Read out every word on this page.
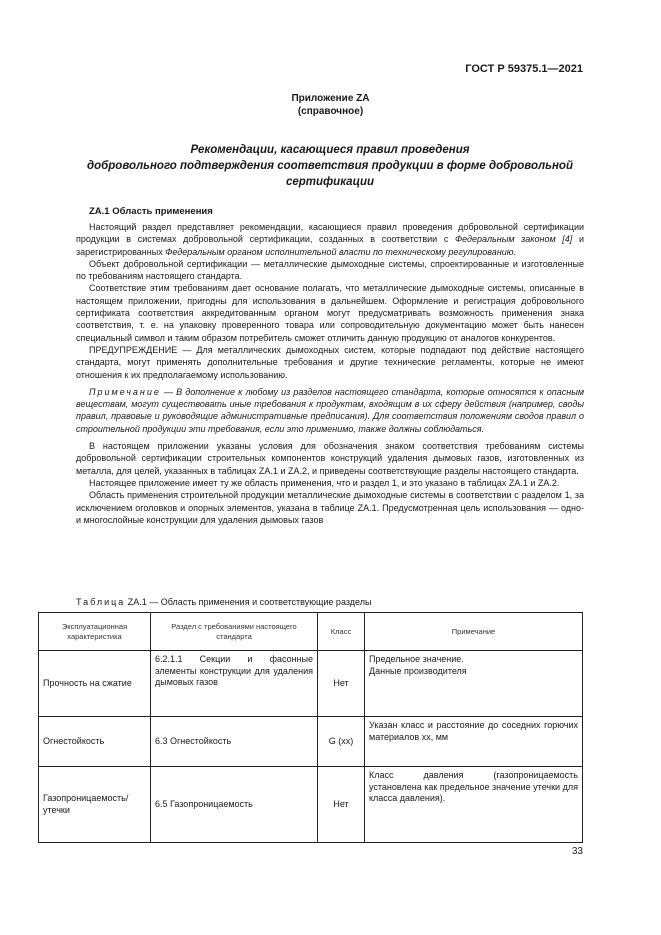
ГОСТ Р 59375.1—2021
Приложение ZA
(справочное)
Рекомендации, касающиеся правил проведения
добровольного подтверждения соответствия продукции в форме добровольной
сертификации
ZA.1 Область применения

Настоящий раздел представляет рекомендации, касающиеся правил проведения добровольной сертификации продукции в системах добровольной сертификации, созданных в соответствии с Федеральным законом [4] и зарегистрированных Федеральным органом исполнительной власти по техническому регулированию.

Объект добровольной сертификации — металлические дымоходные системы, спроектированные и изготовленные по требованиям настоящего стандарта.

Соответствие этим требованиям дает основание полагать, что металлические дымоходные системы, описанные в настоящем приложении, пригодны для использования в дальнейшем. Оформление и регистрация добровольного сертификата соответствия аккредитованным органом могут предусматривать возможность применения знака соответствия, т. е. на упаковку проверенного товара или сопроводительную документацию может быть нанесен специальный символ и таким образом потребитель сможет отличить данную продукцию от аналогов конкурентов.

ПРЕДУПРЕЖДЕНИЕ — Для металлических дымоходных систем, которые подпадают под действие настоящего стандарта, могут применять дополнительные требования и другие технические регламенты, которые не имеют отношения к их предполагаемому использованию.

Примечание — В дополнение к любому из разделов настоящего стандарта, которые относятся к опасным веществам, могут существовать иные требования к продуктам, входящим в их сферу действия (например, своды правил, правовые и руководящие административные предписания). Для соответствия положениям сводов правил о строительной продукции эти требования, если это применимо, также должны соблюдаться.

В настоящем приложении указаны условия для обозначения знаком соответствия требованиям системы добровольной сертификации строительных компонентов конструкций удаления дымовых газов, изготовленных из металла, для целей, указанных в таблицах ZA.1 и ZA.2, и приведены соответствующие разделы настоящего стандарта.

Настоящее приложение имеет ту же область применения, что и раздел 1, и это указано в таблицах ZA.1 и ZA.2.

Область применения строительной продукции металлические дымоходные системы в соответствии с разделом 1, за исключением оголовков и опорных элементов, указана в таблице ZA.1. Предусмотренная цель использования — одно- и многослойные конструкции для удаления дымовых газов

Таблица ZA.1 — Область применения и соответствующие разделы
Эксплуатационная характеристика	Раздел с требованиями настоящего стандарта	Класс	Примечание
Прочность на сжатие	6.2.1.1 Секции и фасонные элементы конструкции для удаления дымовых газов	Нет	Предельное значение.
Данные производителя

Огнестойкость	6.3 Огнестойкость	G (xx)	Указан класс и расстояние до соседних горючих материалов xx, мм
Газопроницаемость/ утечки	6.5 Газопроницаемость	Нет	Класс давления (газопроницаемость установлена как предельное значение утечки для класса давления).
33
